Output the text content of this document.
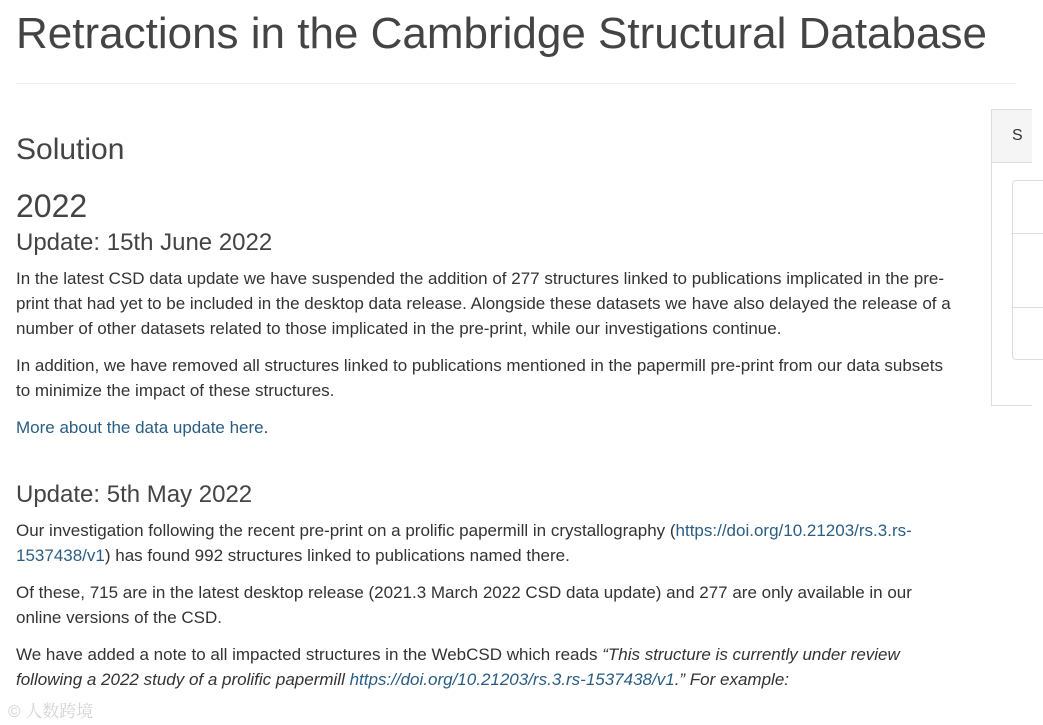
Retractions in the Cambridge Structural Database
Solution
2022
Update: 15th June 2022

In the latest CSD data update we have suspended the addition of 277 structures linked to publications implicated in the pre-print that had yet to be included in the desktop data release. Alongside these datasets we have also delayed the release of a number of other datasets related to those implicated in the pre-print, while our investigations continue.

In addition, we have removed all structures linked to publications mentioned in the papermill pre-print from our data subsets to minimize the impact of these structures.

More about the data update here.

Update: 5th May 2022

Our investigation following the recent pre-print on a prolific papermill in crystallography (https://doi.org/10.21203/rs.3.rs-1537438/v1) has found 992 structures linked to publications named there.

Of these, 715 are in the latest desktop release (2021.3 March 2022 CSD data update) and 277 are only available in our online versions of the CSD.

We have added a note to all impacted structures in the WebCSD which reads “This structure is currently under review following a 2022 study of a prolific papermill https://doi.org/10.21203/rs.3.rs-1537438/v1.” For example:

S
© 人数跨境
